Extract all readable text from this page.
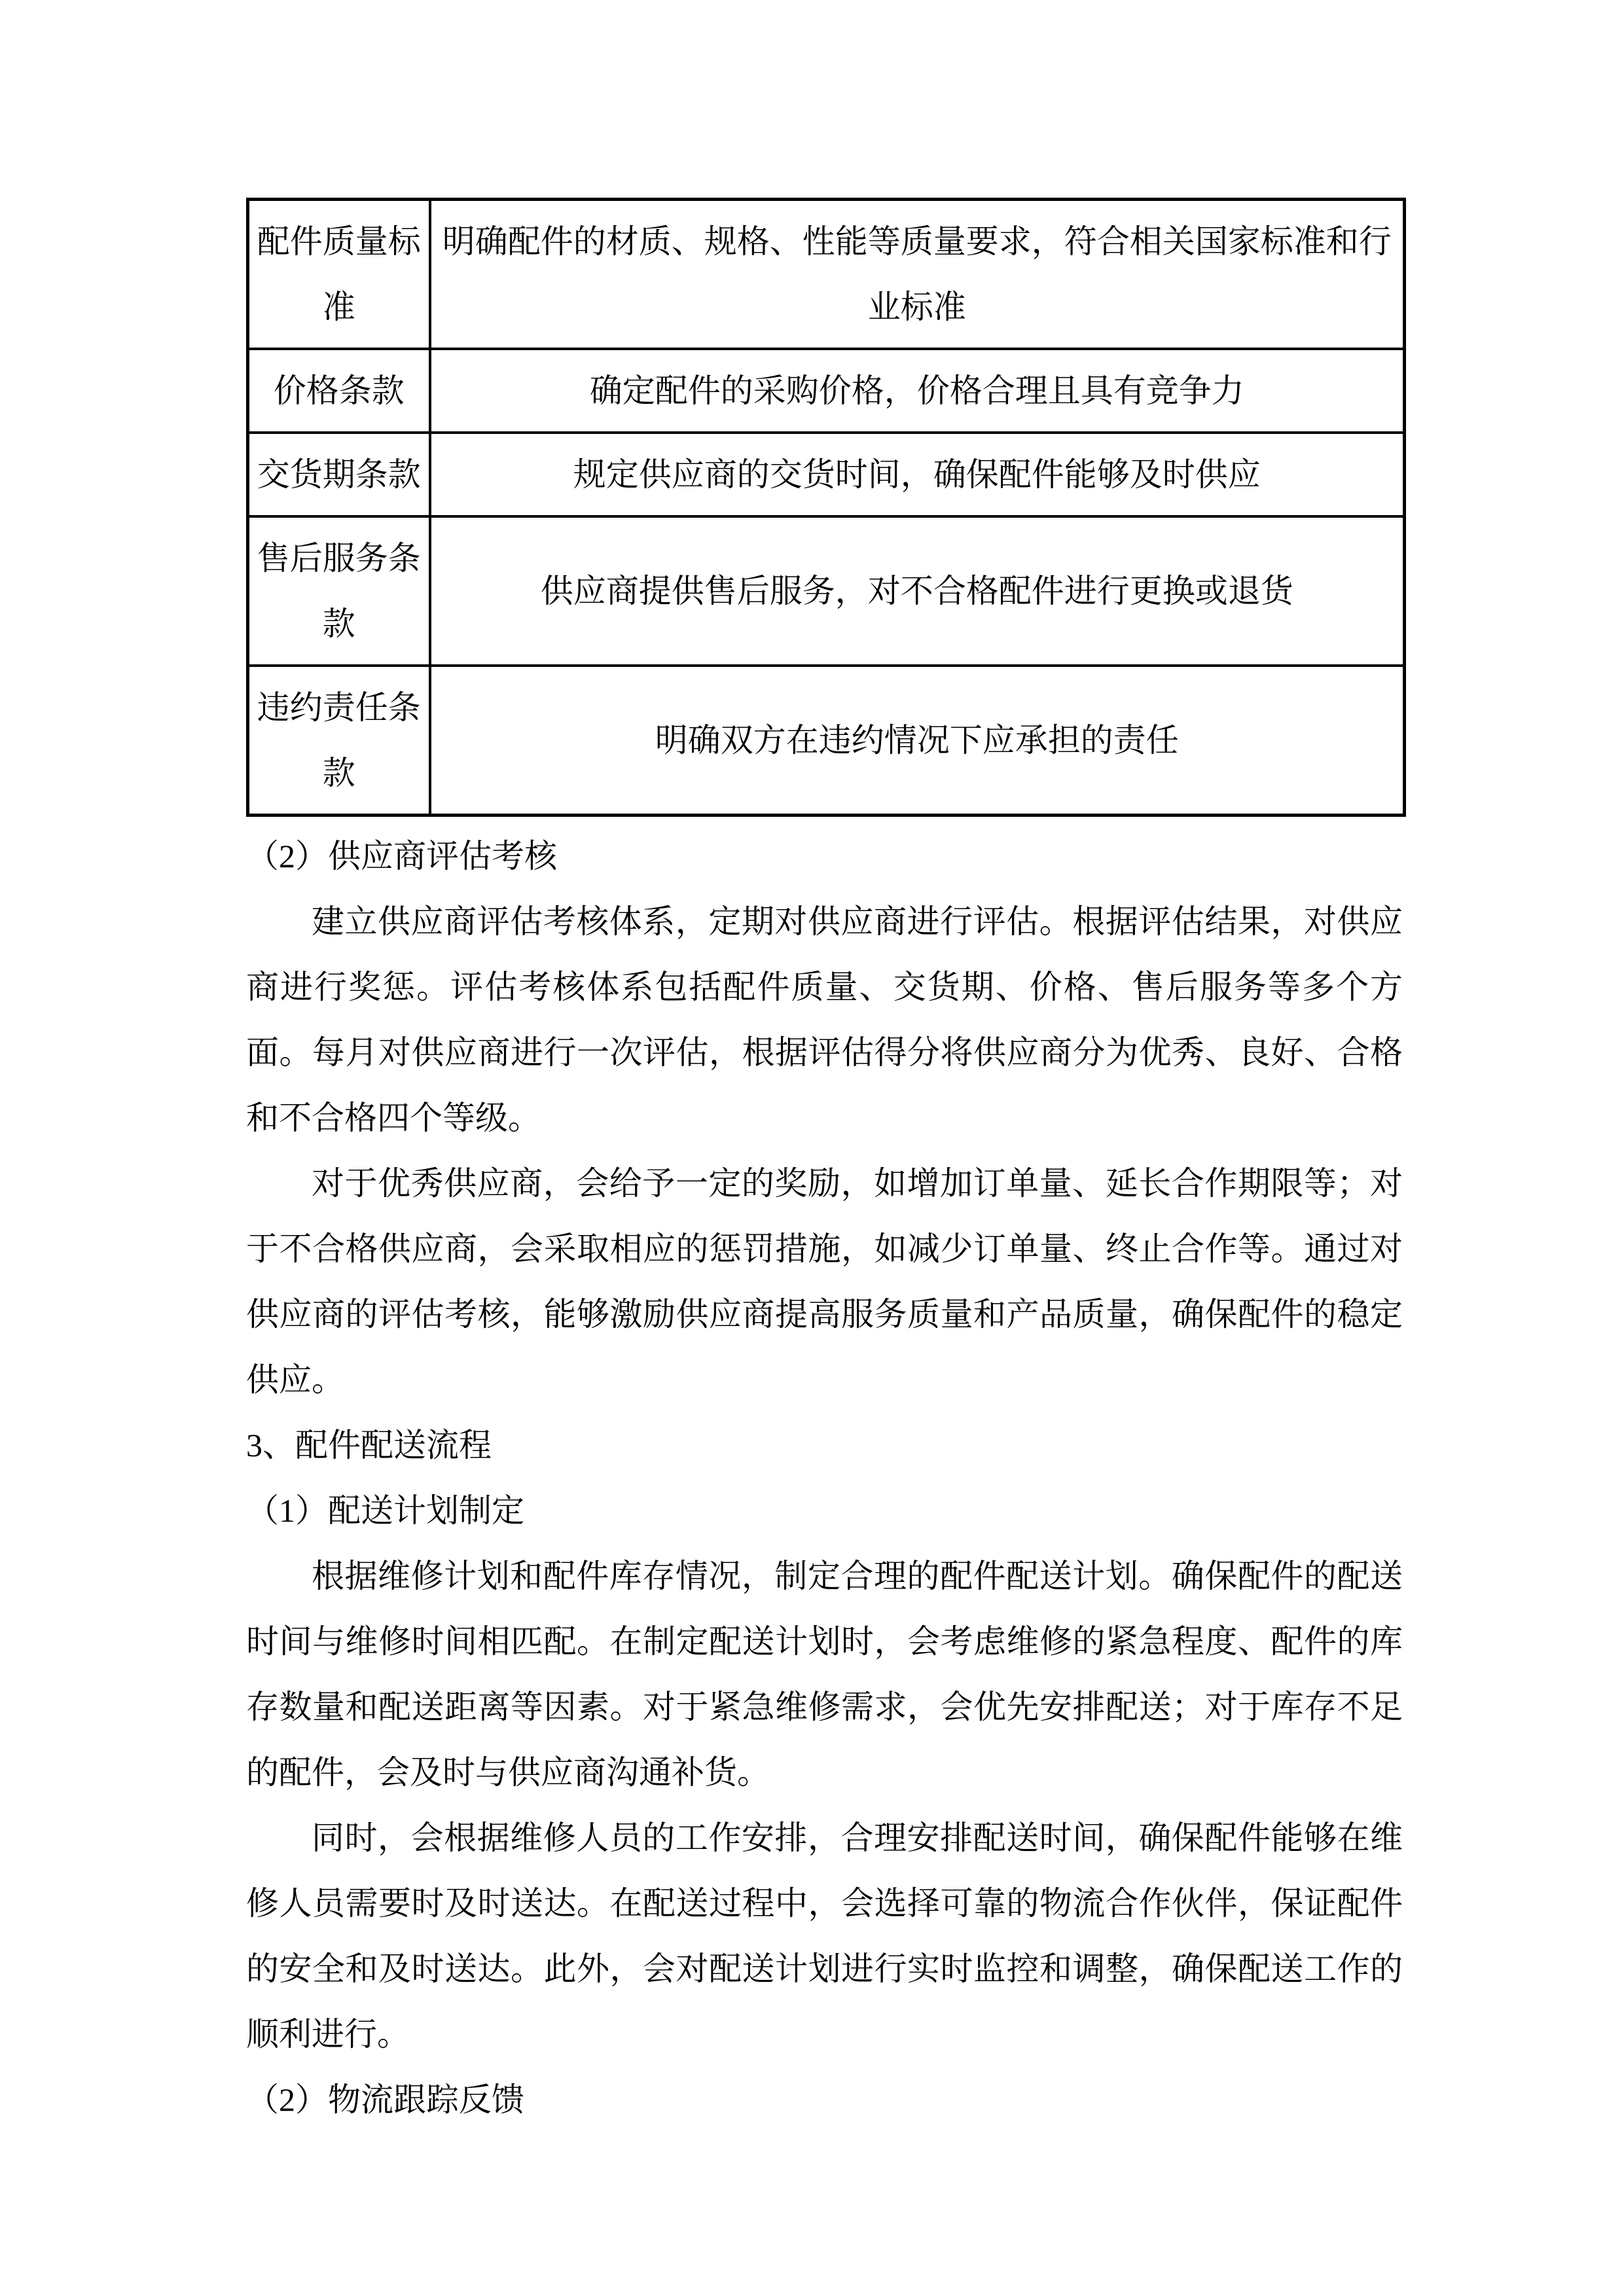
配件质量标准	明确配件的材质、规格、性能等质量要求，符合相关国家标准和行业标准
价格条款	确定配件的采购价格，价格合理且具有竞争力
交货期条款	规定供应商的交货时间，确保配件能够及时供应
售后服务条款	供应商提供售后服务，对不合格配件进行更换或退货
违约责任条款	明确双方在违约情况下应承担的责任

（2）供应商评估考核

建立供应商评估考核体系，定期对供应商进行评估。根据评估结果，对供应商进行奖惩。评估考核体系包括配件质量、交货期、价格、售后服务等多个方面。每月对供应商进行一次评估，根据评估得分将供应商分为优秀、良好、合格和不合格四个等级。

对于优秀供应商，会给予一定的奖励，如增加订单量、延长合作期限等；对于不合格供应商，会采取相应的惩罚措施，如减少订单量、终止合作等。通过对供应商的评估考核，能够激励供应商提高服务质量和产品质量，确保配件的稳定供应。

3、配件配送流程

（1）配送计划制定

根据维修计划和配件库存情况，制定合理的配件配送计划。确保配件的配送时间与维修时间相匹配。在制定配送计划时，会考虑维修的紧急程度、配件的库存数量和配送距离等因素。对于紧急维修需求，会优先安排配送；对于库存不足的配件，会及时与供应商沟通补货。

同时，会根据维修人员的工作安排，合理安排配送时间，确保配件能够在维修人员需要时及时送达。在配送过程中，会选择可靠的物流合作伙伴，保证配件的安全和及时送达。此外，会对配送计划进行实时监控和调整，确保配送工作的顺利进行。

（2）物流跟踪反馈
